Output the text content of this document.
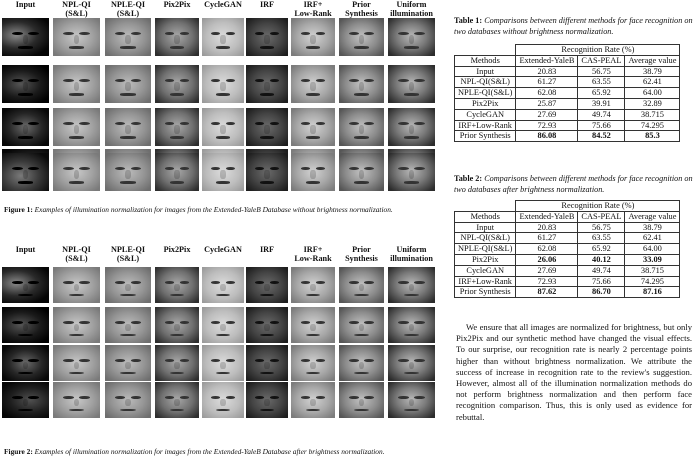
Input	NPL-QI
(S&L)
NPLE-QI
(S&L)
Pix2Pix	CycleGAN	IRF	IRF+
Low-Rank
Prior
Synthesis
Uniform
illumination
Figure 1: Examples of illumination normalization for images from the Extended-YaleB Database without brightness normalization.
Input	NPL-QI
(S&L)
NPLE-QI
(S&L)
Pix2Pix	CycleGAN	IRF	IRF+
Low-Rank
Prior
Synthesis
Uniform
illumination
Figure 2: Examples of illumination normalization for images from the Extended-YaleB Database after brightness normalization.
Table 1: Comparisons between different methods for face recognition on two databases without brightness normalization.
	Recognition Rate (%)		
Methods	Extended-YaleB	CAS-PEAL	Average value
Input	20.83	56.75	38.79
NPL-QI(S&L)	61.27	63.55	62.41
NPLE-QI(S&L)	62.08	65.92	64.00
Pix2Pix	25.87	39.91	32.89
CycleGAN	27.69	49.74	38.715
IRF+Low-Rank	72.93	75.66	74.295
Prior Synthesis	86.08	84.52	85.3
Table 2: Comparisons between different methods for face recognition on two databases after brightness normalization.
	Recognition Rate (%)		
Methods	Extended-YaleB	CAS-PEAL	Average value
Input	20.83	56.75	38.79
NPL-QI(S&L)	61.27	63.55	62.41
NPLE-QI(S&L)	62.08	65.92	64.00
Pix2Pix	26.06	40.12	33.09
CycleGAN	27.69	49.74	38.715
IRF+Low-Rank	72.93	75.66	74.295
Prior Synthesis	87.62	86.70	87.16
We ensure that all images are normalized for brightness, but only Pix2Pix and our synthetic method have changed the visual effects. To our surprise, our recognition rate is nearly 2 percentage points higher than without brightness normalization. We attribute the success of increase in recognition rate to the review's suggestion. However, almost all of the illumination normalization methods do not perform brightness normalization and then perform face recognition comparison. Thus, this is only used as evidence for rebuttal.
